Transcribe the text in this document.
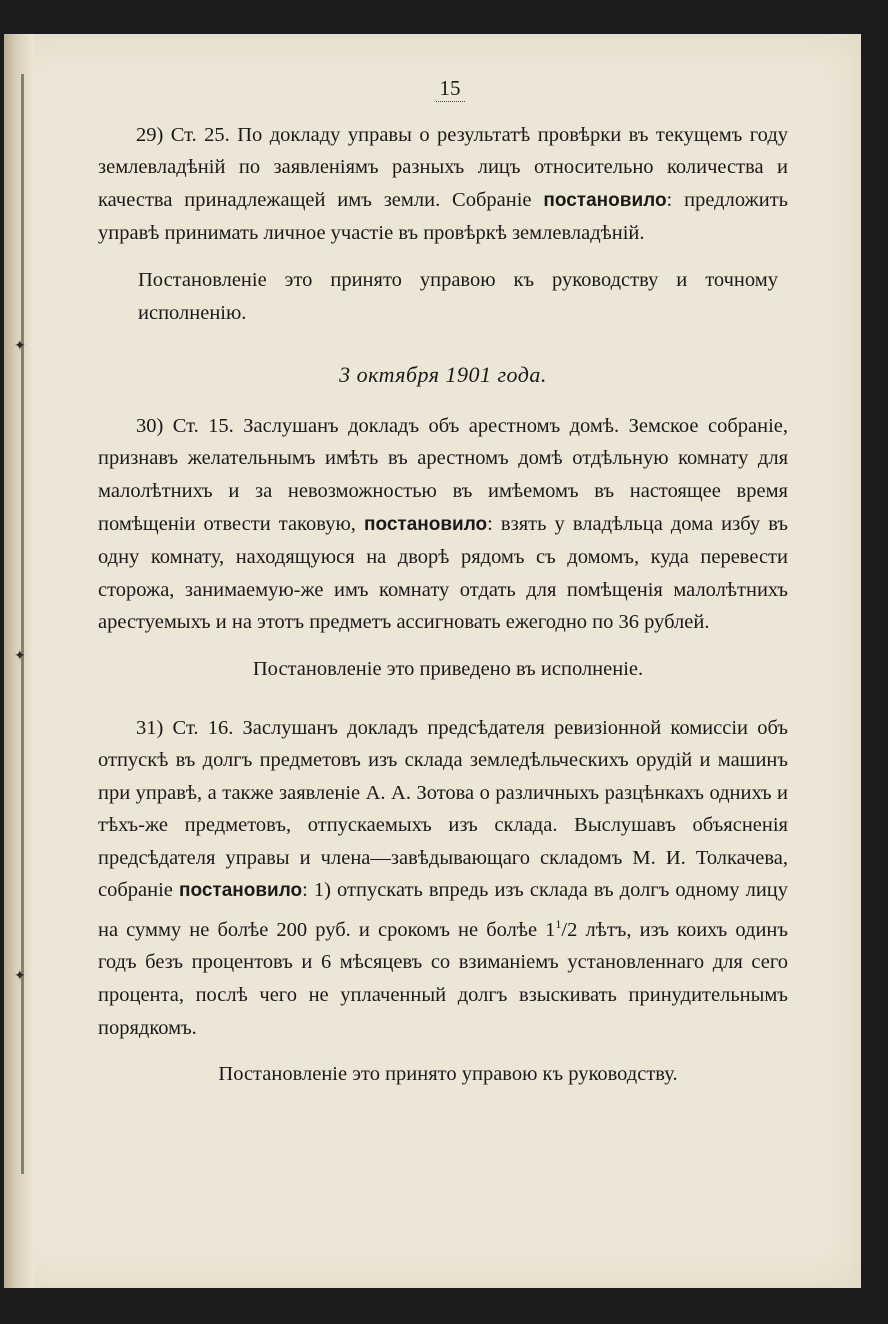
✦
✦
✦
15

29) Ст. 25. По докладу управы о результатѣ провѣрки въ текущемъ году землевладѣній по заявленіямъ разныхъ лицъ относительно количества и качества принадлежащей имъ земли. Собраніе постановило: предложить управѣ принимать личное участіе въ провѣркѣ землевладѣній.

Постановленіе это принято управою къ руководству и точному исполненію.

3 октября 1901 года.

30) Ст. 15. Заслушанъ докладъ объ арестномъ домѣ. Земское собраніе, признавъ желательнымъ имѣть въ арестномъ домѣ отдѣльную комнату для малолѣтнихъ и за невозможностью въ имѣемомъ въ настоящее время помѣщеніи отвести таковую, постановило: взять у владѣльца дома избу въ одну комнату, находящуюся на дворѣ рядомъ съ домомъ, куда перевести сторожа, занимаемую-же имъ комнату отдать для помѣщенія малолѣтнихъ арестуемыхъ и на этотъ предметъ ассигновать ежегодно по 36 рублей.

Постановленіе это приведено въ исполненіе.

31) Ст. 16. Заслушанъ докладъ предсѣдателя ревизіонной комиссіи объ отпускѣ въ долгъ предметовъ изъ склада земледѣльческихъ орудій и машинъ при управѣ, а также заявленіе А. А. Зотова о различныхъ разцѣнкахъ однихъ и тѣхъ-же предметовъ, отпускаемыхъ изъ склада. Выслушавъ объясненія предсѣдателя управы и члена—завѣдывающаго складомъ М. И. Толкачева, собраніе постановило: 1) отпускать впредь изъ склада въ долгъ одному лицу на сумму не болѣе 200 руб. и срокомъ не болѣе $1^1/2$ лѣтъ, изъ коихъ одинъ годъ безъ процентовъ и 6 мѣсяцевъ со взиманіемъ установленнаго для сего процента, послѣ чего не уплаченный долгъ взыскивать принудительнымъ порядкомъ.

Постановленіе это принято управою къ руководству.
